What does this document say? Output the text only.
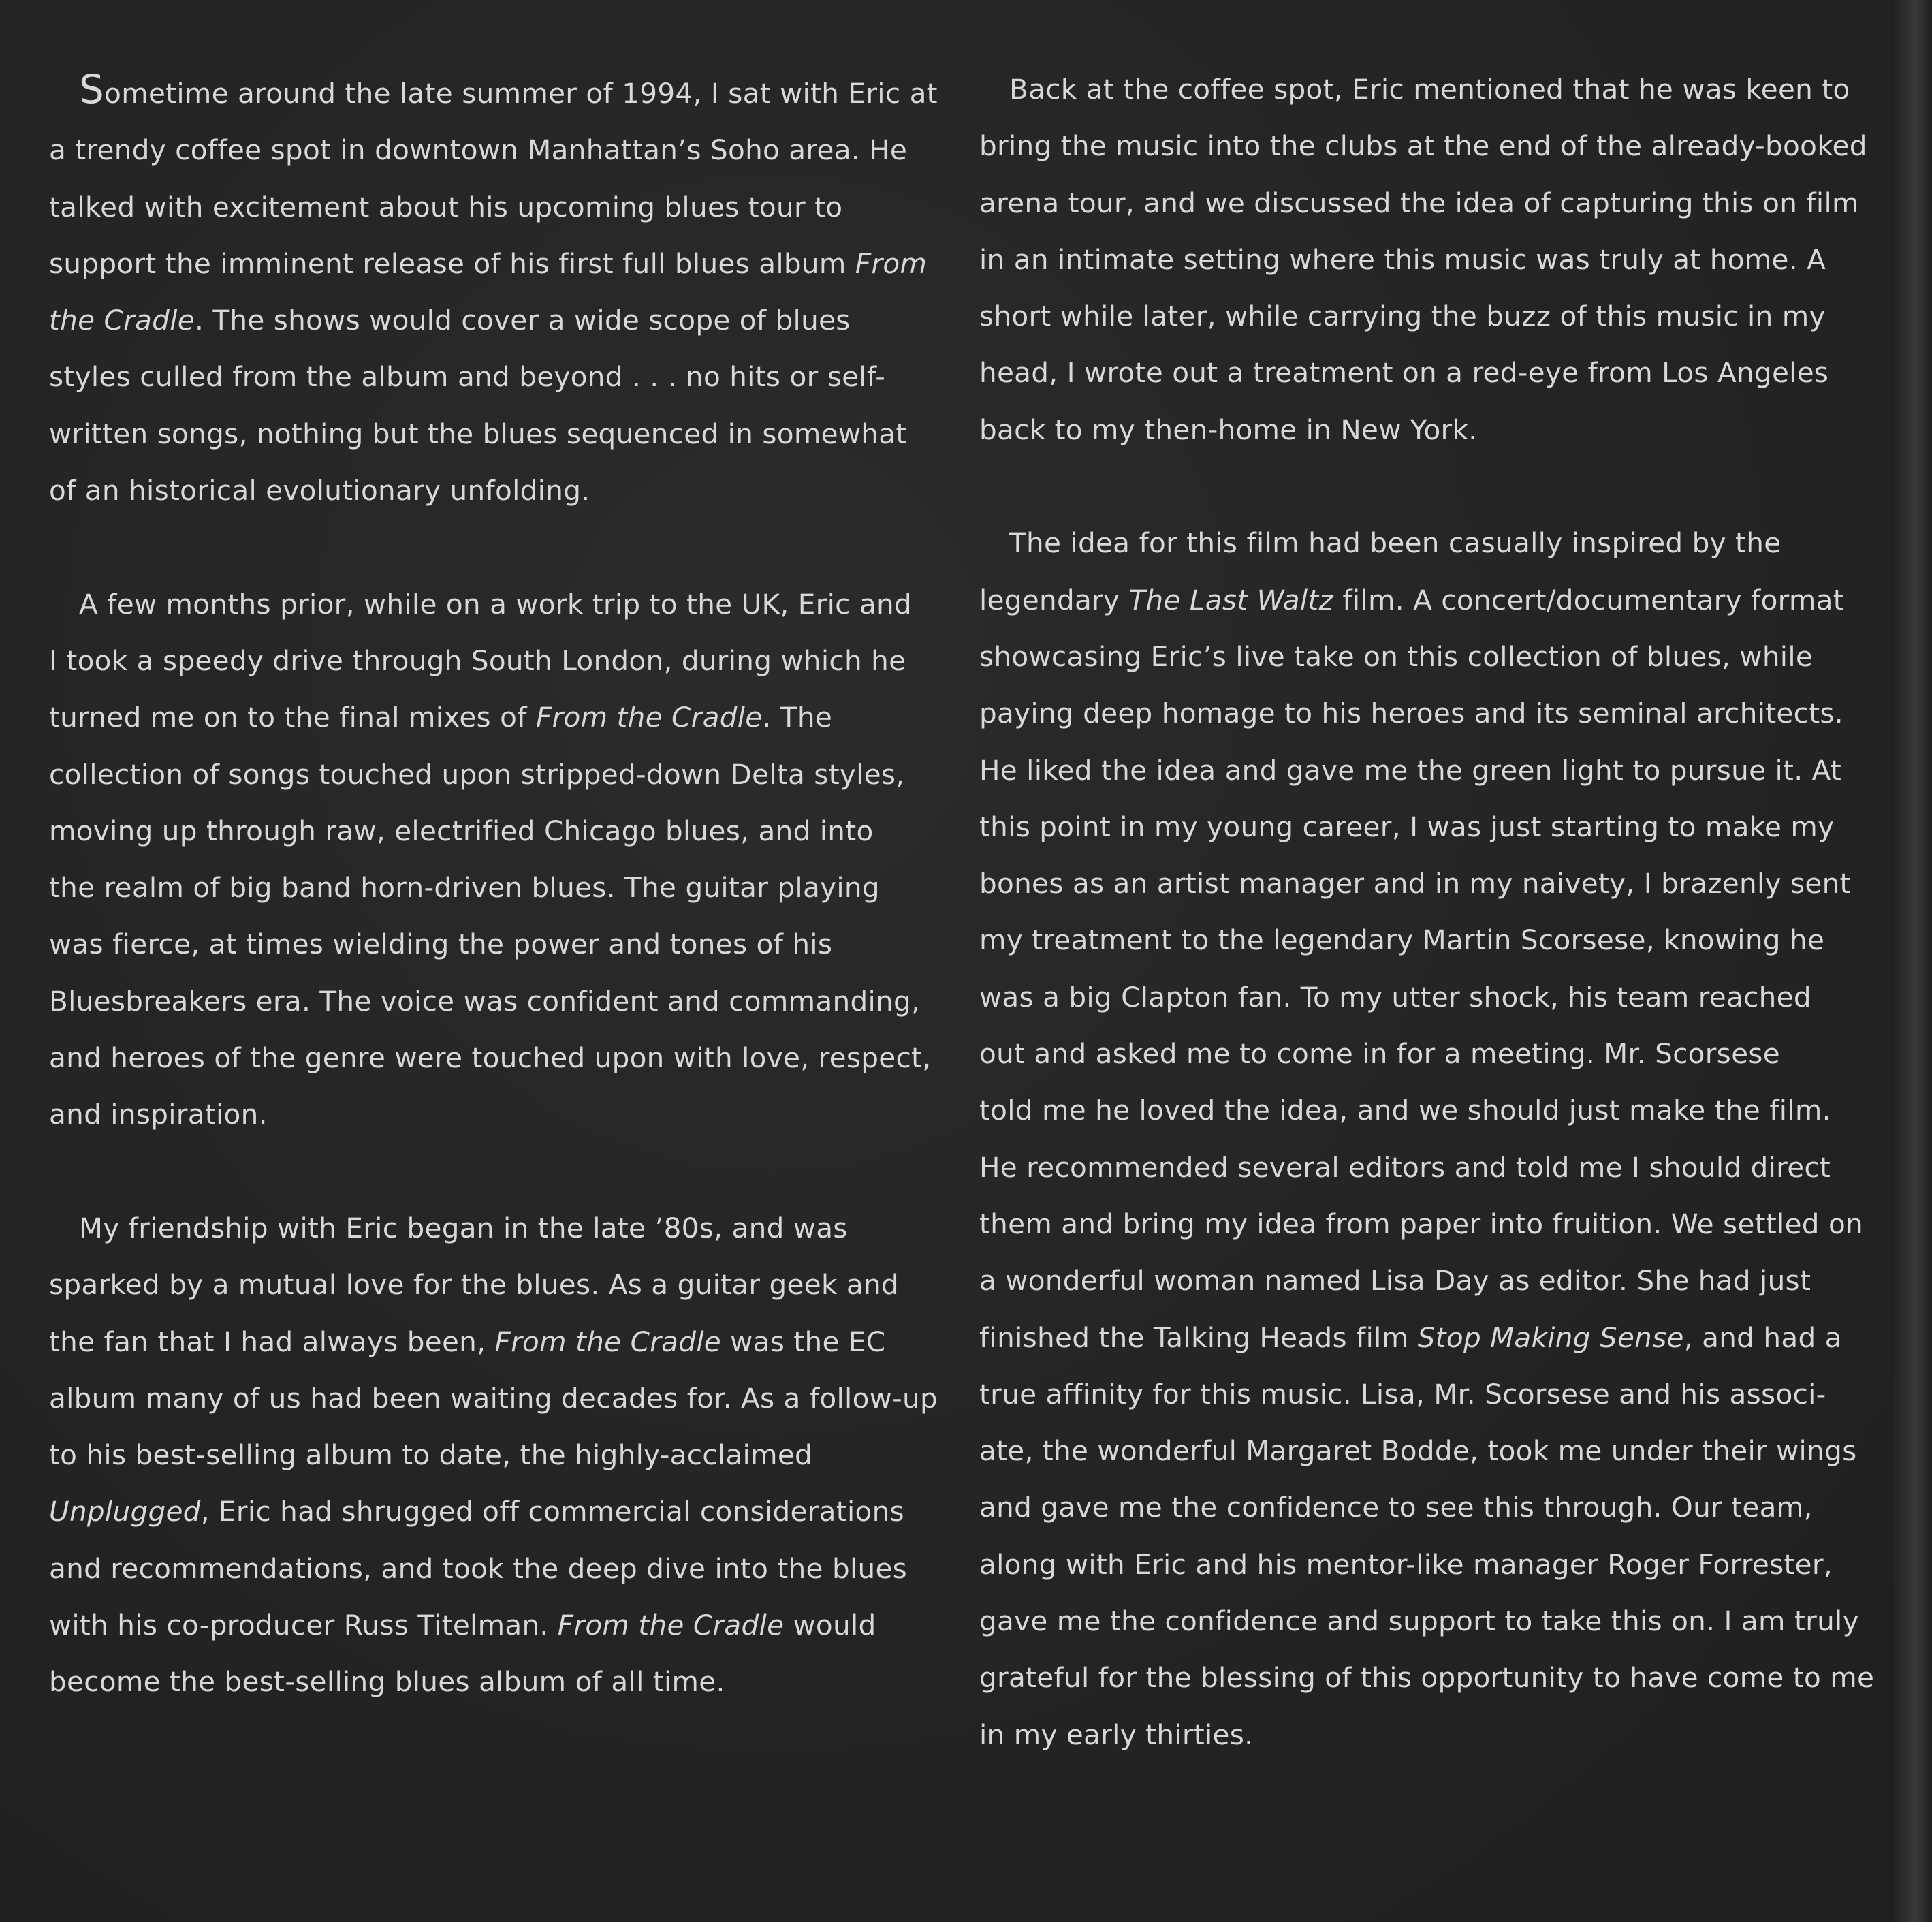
Sometime around the late summer of 1994, I sat with Eric at
a trendy coffee spot in downtown Manhattan’s Soho area. He
talked with excitement about his upcoming blues tour to
support the imminent release of his first full blues album From
the Cradle. The shows would cover a wide scope of blues
styles culled from the album and beyond . . . no hits or self-
written songs, nothing but the blues sequenced in somewhat
of an historical evolutionary unfolding.
A few months prior, while on a work trip to the UK, Eric and
I took a speedy drive through South London, during which he
turned me on to the final mixes of From the Cradle. The
collection of songs touched upon stripped-down Delta styles,
moving up through raw, electrified Chicago blues, and into
the realm of big band horn-driven blues. The guitar playing
was fierce, at times wielding the power and tones of his
Bluesbreakers era. The voice was confident and commanding,
and heroes of the genre were touched upon with love, respect,
and inspiration.
My friendship with Eric began in the late ’80s, and was
sparked by a mutual love for the blues. As a guitar geek and
the fan that I had always been, From the Cradle was the EC
album many of us had been waiting decades for. As a follow-up
to his best-selling album to date, the highly-acclaimed
Unplugged, Eric had shrugged off commercial considerations
and recommendations, and took the deep dive into the blues
with his co-producer Russ Titelman. From the Cradle would
become the best-selling blues album of all time.
Back at the coffee spot, Eric mentioned that he was keen to
bring the music into the clubs at the end of the already-booked
arena tour, and we discussed the idea of capturing this on film
in an intimate setting where this music was truly at home. A
short while later, while carrying the buzz of this music in my
head, I wrote out a treatment on a red-eye from Los Angeles
back to my then-home in New York.
The idea for this film had been casually inspired by the
legendary The Last Waltz film. A concert/documentary format
showcasing Eric’s live take on this collection of blues, while
paying deep homage to his heroes and its seminal architects.
He liked the idea and gave me the green light to pursue it. At
this point in my young career, I was just starting to make my
bones as an artist manager and in my naivety, I brazenly sent
my treatment to the legendary Martin Scorsese, knowing he
was a big Clapton fan. To my utter shock, his team reached
out and asked me to come in for a meeting. Mr. Scorsese
told me he loved the idea, and we should just make the film.
He recommended several editors and told me I should direct
them and bring my idea from paper into fruition. We settled on
a wonderful woman named Lisa Day as editor. She had just
finished the Talking Heads film Stop Making Sense, and had a
true affinity for this music. Lisa, Mr. Scorsese and his associ-
ate, the wonderful Margaret Bodde, took me under their wings
and gave me the confidence to see this through. Our team,
along with Eric and his mentor-like manager Roger Forrester,
gave me the confidence and support to take this on. I am truly
grateful for the blessing of this opportunity to have come to me
in my early thirties.
